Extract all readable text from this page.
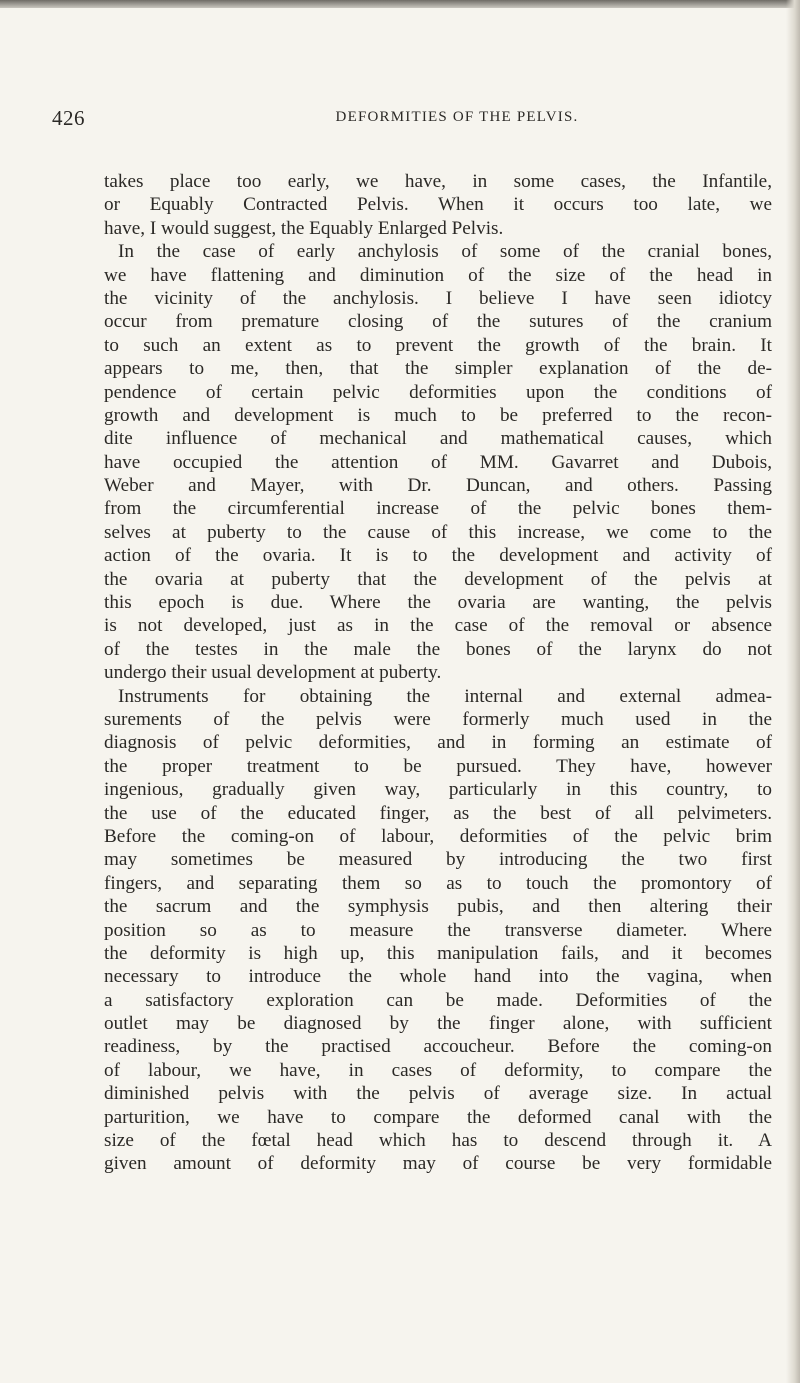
426	DEFORMITIES OF THE PELVIS.
takes place too early, we have, in some cases, the Infantile,
or Equably Contracted Pelvis. When it occurs too late, we
have, I would suggest, the Equably Enlarged Pelvis.
In the case of early anchylosis of some of the cranial bones,
we have flattening and diminution of the size of the head in
the vicinity of the anchylosis. I believe I have seen idiotcy
occur from premature closing of the sutures of the cranium
to such an extent as to prevent the growth of the brain. It
appears to me, then, that the simpler explanation of the de-
pendence of certain pelvic deformities upon the conditions of
growth and development is much to be preferred to the recon-
dite influence of mechanical and mathematical causes, which
have occupied the attention of MM. Gavarret and Dubois,
Weber and Mayer, with Dr. Duncan, and others. Passing
from the circumferential increase of the pelvic bones them-
selves at puberty to the cause of this increase, we come to the
action of the ovaria. It is to the development and activity of
the ovaria at puberty that the development of the pelvis at
this epoch is due. Where the ovaria are wanting, the pelvis
is not developed, just as in the case of the removal or absence
of the testes in the male the bones of the larynx do not
undergo their usual development at puberty.
Instruments for obtaining the internal and external admea-
surements of the pelvis were formerly much used in the
diagnosis of pelvic deformities, and in forming an estimate of
the proper treatment to be pursued. They have, however
ingenious, gradually given way, particularly in this country, to
the use of the educated finger, as the best of all pelvimeters.
Before the coming-on of labour, deformities of the pelvic brim
may sometimes be measured by introducing the two first
fingers, and separating them so as to touch the promontory of
the sacrum and the symphysis pubis, and then altering their
position so as to measure the transverse diameter. Where
the deformity is high up, this manipulation fails, and it becomes
necessary to introduce the whole hand into the vagina, when
a satisfactory exploration can be made. Deformities of the
outlet may be diagnosed by the finger alone, with sufficient
readiness, by the practised accoucheur. Before the coming-on
of labour, we have, in cases of deformity, to compare the
diminished pelvis with the pelvis of average size. In actual
parturition, we have to compare the deformed canal with the
size of the fœtal head which has to descend through it. A
given amount of deformity may of course be very formidable
